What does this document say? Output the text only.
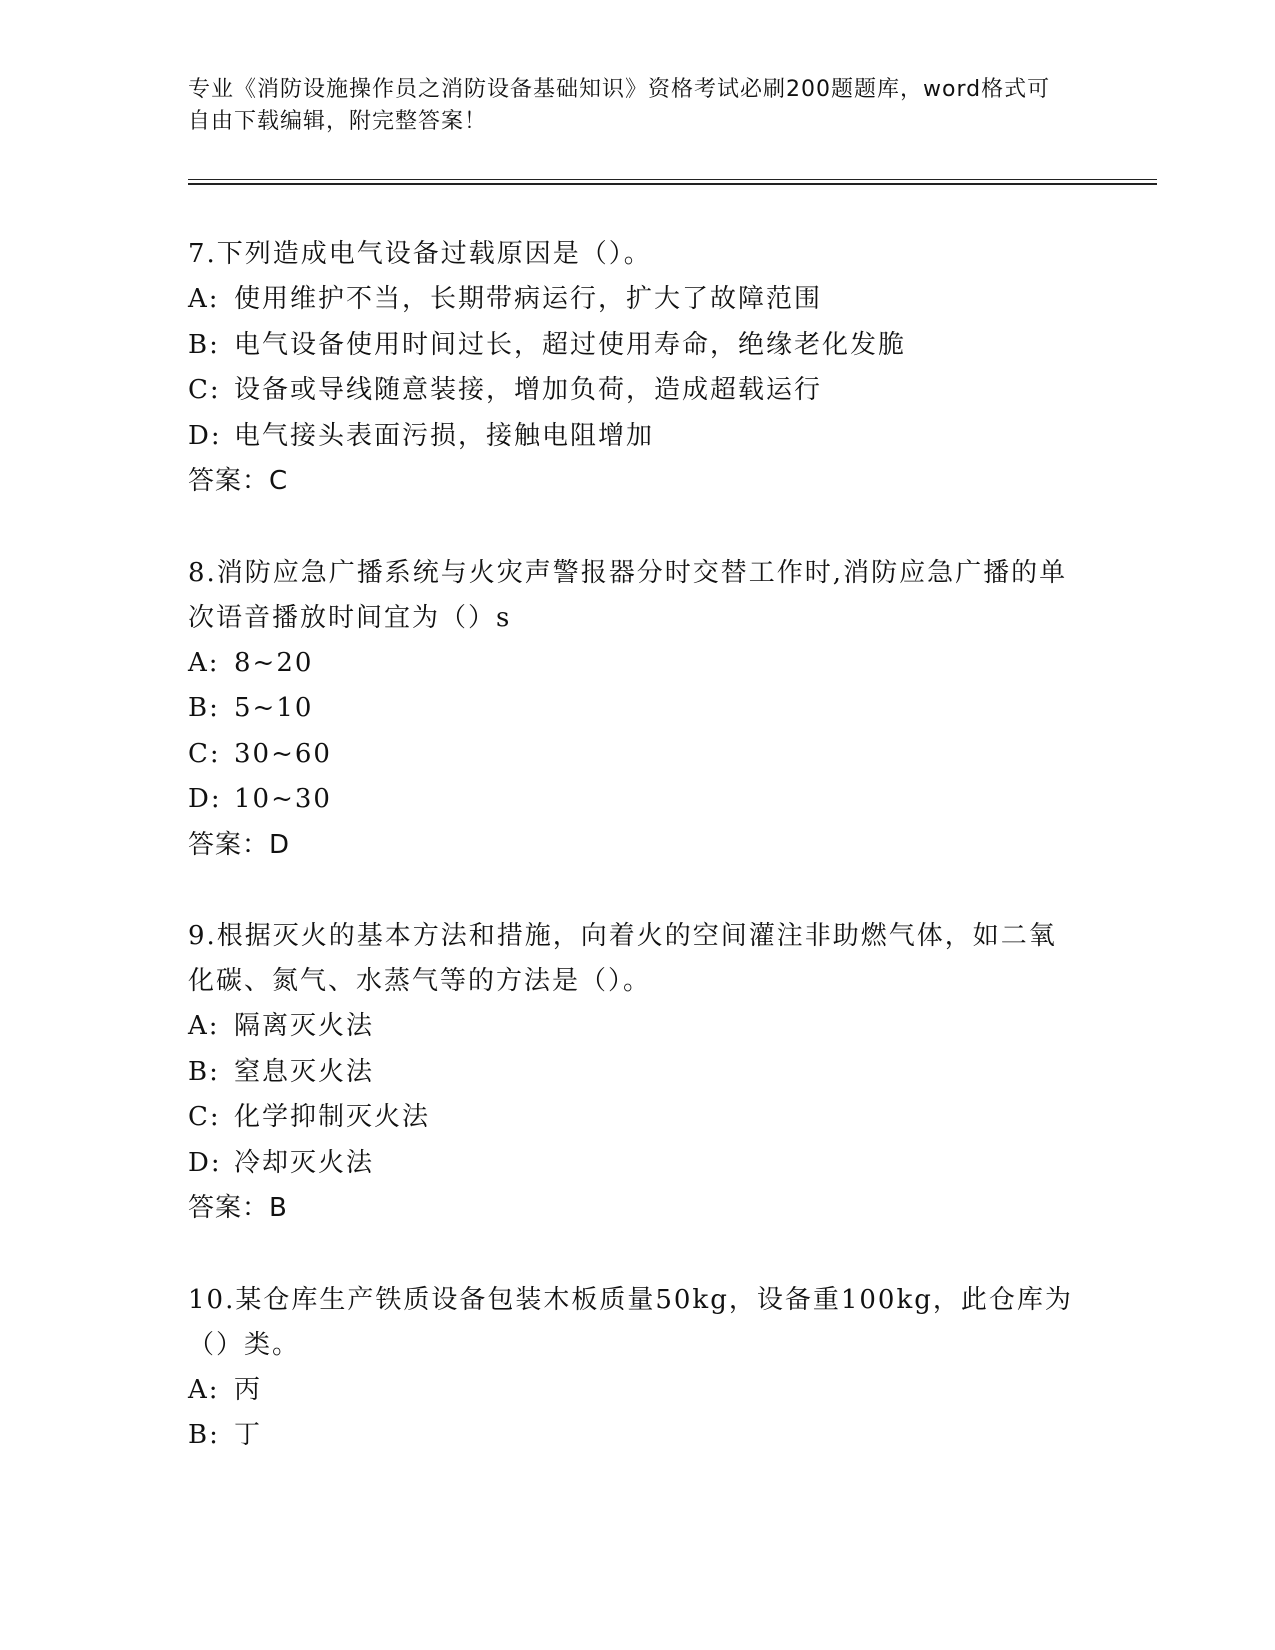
专业《消防设施操作员之消防设备基础知识》资格考试必刷200题题库，word格式可自由下载编辑，附完整答案！

7.下列造成电气设备过载原因是（）。

A: 使用维护不当，长期带病运行，扩大了故障范围

B: 电气设备使用时间过长，超过使用寿命，绝缘老化发脆

C: 设备或导线随意装接，增加负荷，造成超载运行

D: 电气接头表面污损，接触电阻增加

答案：C

8.消防应急广播系统与火灾声警报器分时交替工作时,消防应急广播的单次语音播放时间宜为（）s

A: 8~20

B: 5~10

C: 30~60

D: 10~30

答案：D

9.根据灭火的基本方法和措施，向着火的空间灌注非助燃气体，如二氧化碳、氮气、水蒸气等的方法是（）。

A: 隔离灭火法

B: 窒息灭火法

C: 化学抑制灭火法

D: 冷却灭火法

答案：B

10.某仓库生产铁质设备包装木板质量50kg，设备重100kg，此仓库为（）类。

A: 丙

B: 丁
